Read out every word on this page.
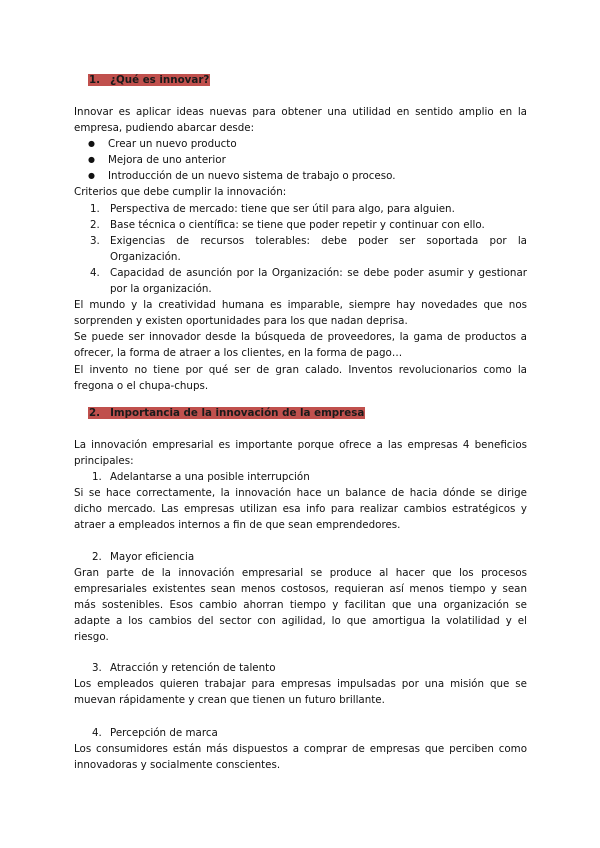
1. ¿Qué es innovar?

Innovar es aplicar ideas nuevas para obtener una utilidad en sentido amplio en la empresa, pudiendo abarcar desde:

● Crear un nuevo producto
● Mejora de uno anterior
● Introducción de un nuevo sistema de trabajo o proceso.

Criterios que debe cumplir la innovación:

1. Perspectiva de mercado: tiene que ser útil para algo, para alguien.
2. Base técnica o científica: se tiene que poder repetir y continuar con ello.
3. Exigencias de recursos tolerables: debe poder ser soportada por la Organización.
4. Capacidad de asunción por la Organización: se debe poder asumir y gestionar por la organización.

El mundo y la creatividad humana es imparable, siempre hay novedades que nos sorprenden y existen oportunidades para los que nadan deprisa.

Se puede ser innovador desde la búsqueda de proveedores, la gama de productos a ofrecer, la forma de atraer a los clientes, en la forma de pago…

El invento no tiene por qué ser de gran calado. Inventos revolucionarios como la fregona o el chupa-chups.

2. Importancia de la innovación de la empresa

La innovación empresarial es importante porque ofrece a las empresas 4 beneficios principales:

1. Adelantarse a una posible interrupción

Si se hace correctamente, la innovación hace un balance de hacia dónde se dirige dicho mercado. Las empresas utilizan esa info para realizar cambios estratégicos y atraer a empleados internos a fin de que sean emprendedores.

2. Mayor eficiencia

Gran parte de la innovación empresarial se produce al hacer que los procesos empresariales existentes sean menos costosos, requieran así menos tiempo y sean más sostenibles. Esos cambio ahorran tiempo y facilitan que una organización se adapte a los cambios del sector con agilidad, lo que amortigua la volatilidad y el riesgo.

3. Atracción y retención de talento

Los empleados quieren trabajar para empresas impulsadas por una misión que se muevan rápidamente y crean que tienen un futuro brillante.

4. Percepción de marca

Los consumidores están más dispuestos a comprar de empresas que perciben como innovadoras y socialmente conscientes.
